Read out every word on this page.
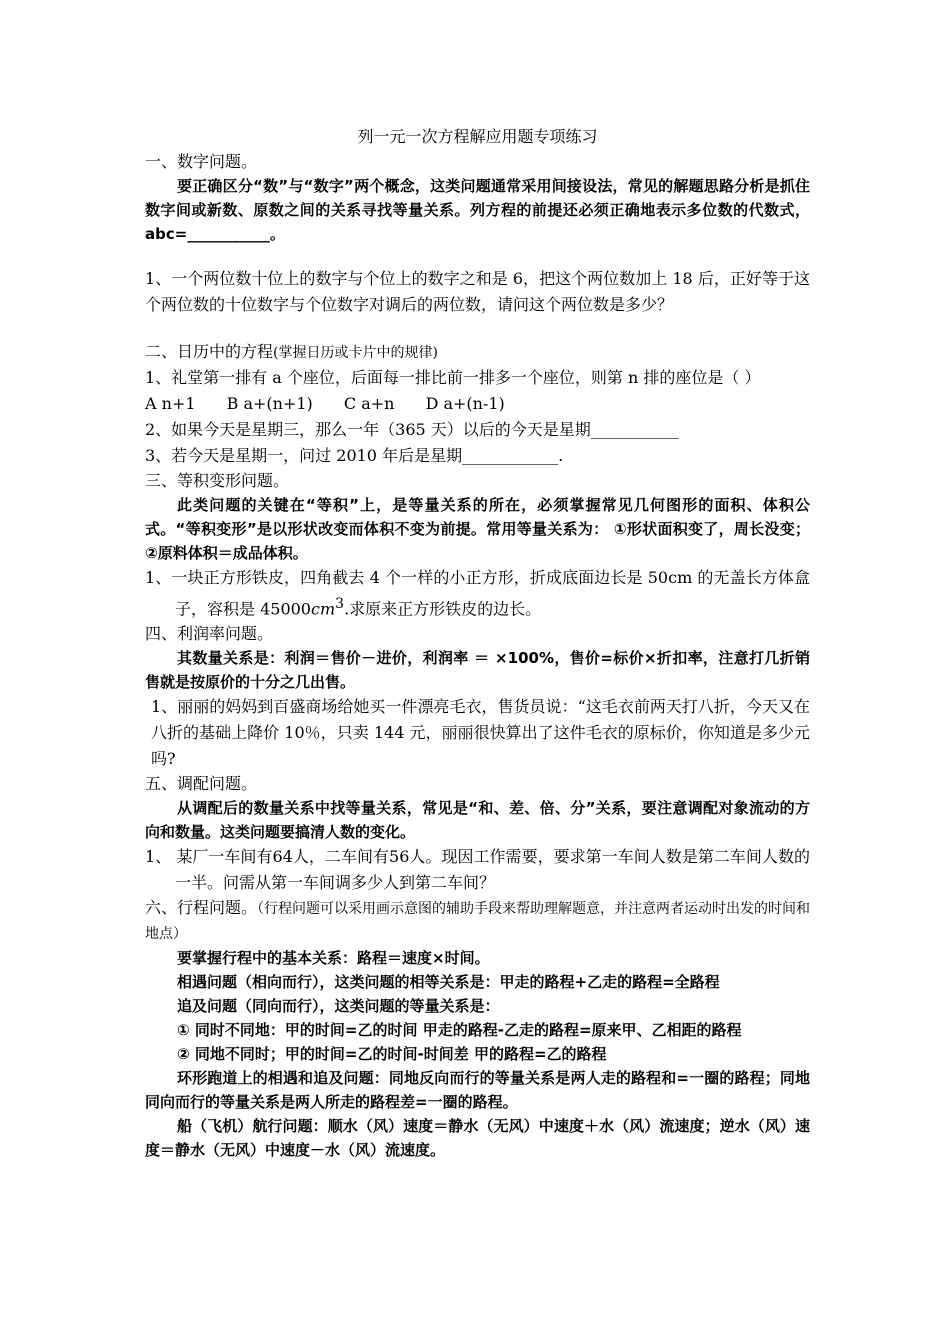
列一元一次方程解应用题专项练习

一、数字问题。

要正确区分“数”与“数字”两个概念，这类问题通常采用间接设法，常见的解题思路分析是抓住数字间或新数、原数之间的关系寻找等量关系。列方程的前提还必须正确地表示多位数的代数式，abc=___________。

1、一个两位数十位上的数字与个位上的数字之和是 6，把这个两位数加上 18 后，正好等于这个两位数的十位数字与个位数字对调后的两位数，请问这个两位数是多少？

二、日历中的方程(掌握日历或卡片中的规律)

1、礼堂第一排有 a 个座位，后面每一排比前一排多一个座位，则第 n 排的座位是（ ）

A n+1 B a+(n+1) C a+n D a+(n-1)

2、如果今天是星期三，那么一年（365 天）以后的今天是星期___________

3、若今天是星期一，问过 2010 年后是星期____________.

三、等积变形问题。

此类问题的关键在“等积”上，是等量关系的所在，必须掌握常见几何图形的面积、体积公式。“等积变形”是以形状改变而体积不变为前提。常用等量关系为： ①形状面积变了，周长没变；②原料体积＝成品体积。

1、一块正方形铁皮，四角截去 4 个一样的小正方形，折成底面边长是 50cm 的无盖长方体盒子，容积是 $45000cm^3$.求原来正方形铁皮的边长。

四、利润率问题。

其数量关系是：利润＝售价－进价，利润率 ＝ ×100%，售价=标价×折扣率，注意打几折销售就是按原价的十分之几出售。

1、丽丽的妈妈到百盛商场给她买一件漂亮毛衣，售货员说：“这毛衣前两天打八折，今天又在八折的基础上降价 10％，只卖 144 元，丽丽很快算出了这件毛衣的原标价，你知道是多少元吗?

五、调配问题。

从调配后的数量关系中找等量关系，常见是“和、差、倍、分”关系，要注意调配对象流动的方向和数量。这类问题要搞清人数的变化。

1、 某厂一车间有64人，二车间有56人。现因工作需要，要求第一车间人数是第二车间人数的一半。问需从第一车间调多少人到第二车间？

六、行程问题。（行程问题可以采用画示意图的辅助手段来帮助理解题意，并注意两者运动时出发的时间和地点）

要掌握行程中的基本关系：路程＝速度×时间。

相遇问题（相向而行），这类问题的相等关系是：甲走的路程+乙走的路程=全路程

追及问题（同向而行），这类问题的等量关系是：

① 同时不同地：甲的时间=乙的时间 甲走的路程-乙走的路程=原来甲、乙相距的路程

② 同地不同时；甲的时间=乙的时间-时间差 甲的路程=乙的路程

环形跑道上的相遇和追及问题：同地反向而行的等量关系是两人走的路程和=一圈的路程；同地同向而行的等量关系是两人所走的路程差=一圈的路程。

船（飞机）航行问题：顺水（风）速度＝静水（无风）中速度＋水（风）流速度；逆水（风）速度＝静水（无风）中速度－水（风）流速度。
